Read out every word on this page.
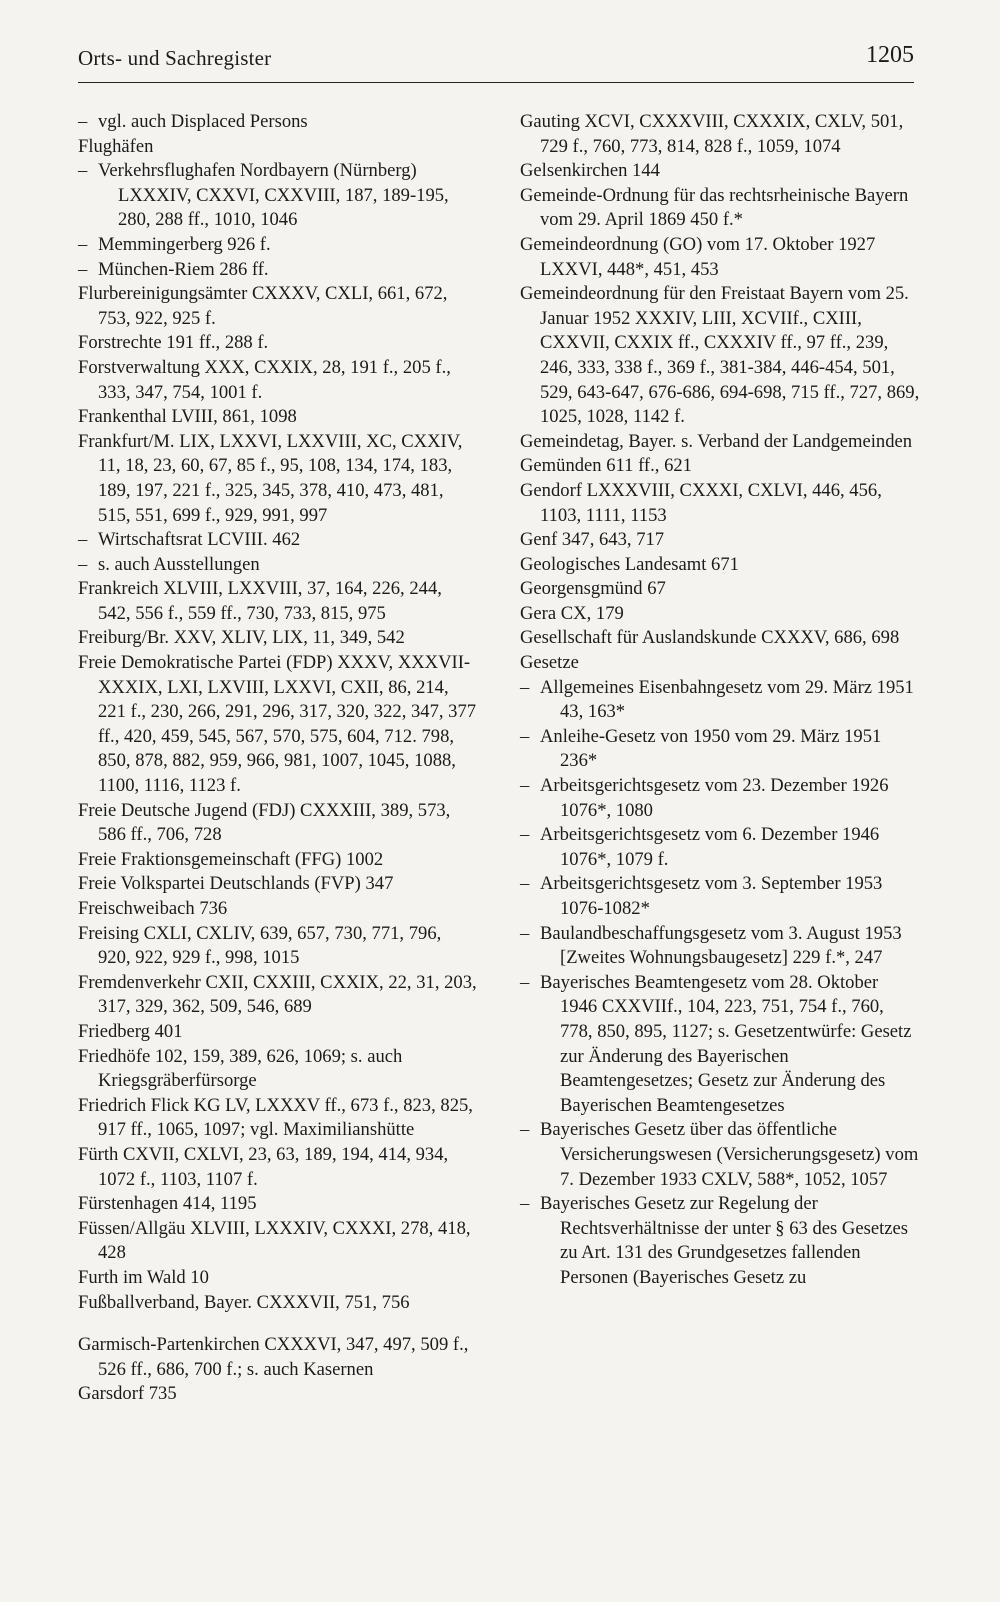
Orts- und Sachregister	1205

– vgl. auch Displaced Persons

Flughäfen

– Verkehrsflughafen Nordbayern (Nürnberg) LXXXIV, CXXVI, CXXVIII, 187, 189-195, 280, 288 ff., 1010, 1046

– Memmingerberg 926 f.

– München-Riem 286 ff.

Flurbereinigungsämter CXXXV, CXLI, 661, 672, 753, 922, 925 f.

Forstrechte 191 ff., 288 f.

Forstverwaltung XXX, CXXIX, 28, 191 f., 205 f., 333, 347, 754, 1001 f.

Frankenthal LVIII, 861, 1098

Frankfurt/M. LIX, LXXVI, LXXVIII, XC, CXXIV, 11, 18, 23, 60, 67, 85 f., 95, 108, 134, 174, 183, 189, 197, 221 f., 325, 345, 378, 410, 473, 481, 515, 551, 699 f., 929, 991, 997

– Wirtschaftsrat LCVIII. 462

– s. auch Ausstellungen

Frankreich XLVIII, LXXVIII, 37, 164, 226, 244, 542, 556 f., 559 ff., 730, 733, 815, 975

Freiburg/Br. XXV, XLIV, LIX, 11, 349, 542

Freie Demokratische Partei (FDP) XXXV, XXXVII-XXXIX, LXI, LXVIII, LXXVI, CXII, 86, 214, 221 f., 230, 266, 291, 296, 317, 320, 322, 347, 377 ff., 420, 459, 545, 567, 570, 575, 604, 712. 798, 850, 878, 882, 959, 966, 981, 1007, 1045, 1088, 1100, 1116, 1123 f.

Freie Deutsche Jugend (FDJ) CXXXIII, 389, 573, 586 ff., 706, 728

Freie Fraktionsgemeinschaft (FFG) 1002

Freie Volkspartei Deutschlands (FVP) 347

Freischweibach 736

Freising CXLI, CXLIV, 639, 657, 730, 771, 796, 920, 922, 929 f., 998, 1015

Fremdenverkehr CXII, CXXIII, CXXIX, 22, 31, 203, 317, 329, 362, 509, 546, 689

Friedberg 401

Friedhöfe 102, 159, 389, 626, 1069; s. auch Kriegsgräberfürsorge

Friedrich Flick KG LV, LXXXV ff., 673 f., 823, 825, 917 ff., 1065, 1097; vgl. Maximilianshütte

Fürth CXVII, CXLVI, 23, 63, 189, 194, 414, 934, 1072 f., 1103, 1107 f.

Fürstenhagen 414, 1195

Füssen/Allgäu XLVIII, LXXXIV, CXXXI, 278, 418, 428

Furth im Wald 10

Fußballverband, Bayer. CXXXVII, 751, 756

Garmisch-Partenkirchen CXXXVI, 347, 497, 509 f., 526 ff., 686, 700 f.; s. auch Kasernen

Garsdorf 735

Gauting XCVI, CXXXVIII, CXXXIX, CXLV, 501, 729 f., 760, 773, 814, 828 f., 1059, 1074

Gelsenkirchen 144

Gemeinde-Ordnung für das rechtsrheinische Bayern vom 29. April 1869 450 f.*

Gemeindeordnung (GO) vom 17. Oktober 1927 LXXVI, 448*, 451, 453

Gemeindeordnung für den Freistaat Bayern vom 25. Januar 1952 XXXIV, LIII, XCVIIf., CXIII, CXXVII, CXXIX ff., CXXXIV ff., 97 ff., 239, 246, 333, 338 f., 369 f., 381-384, 446-454, 501, 529, 643-647, 676-686, 694-698, 715 ff., 727, 869, 1025, 1028, 1142 f.

Gemeindetag, Bayer. s. Verband der Landgemeinden

Gemünden 611 ff., 621

Gendorf LXXXVIII, CXXXI, CXLVI, 446, 456, 1103, 1111, 1153

Genf 347, 643, 717

Geologisches Landesamt 671

Georgensgmünd 67

Gera CX, 179

Gesellschaft für Auslandskunde CXXXV, 686, 698

Gesetze

– Allgemeines Eisenbahngesetz vom 29. März 1951 43, 163*

– Anleihe-Gesetz von 1950 vom 29. März 1951 236*

– Arbeitsgerichtsgesetz vom 23. Dezember 1926 1076*, 1080

– Arbeitsgerichtsgesetz vom 6. Dezember 1946 1076*, 1079 f.

– Arbeitsgerichtsgesetz vom 3. September 1953 1076-1082*

– Baulandbeschaffungsgesetz vom 3. August 1953 [Zweites Wohnungsbaugesetz] 229 f.*, 247

– Bayerisches Beamtengesetz vom 28. Oktober 1946 CXXVIIf., 104, 223, 751, 754 f., 760, 778, 850, 895, 1127; s. Gesetzentwürfe: Gesetz zur Änderung des Bayerischen Beamtengesetzes; Gesetz zur Änderung des Bayerischen Beamtengesetzes

– Bayerisches Gesetz über das öffentliche Versicherungswesen (Versicherungsgesetz) vom 7. Dezember 1933 CXLV, 588*, 1052, 1057

– Bayerisches Gesetz zur Regelung der Rechtsverhältnisse der unter § 63 des Gesetzes zu Art. 131 des Grundgesetzes fallenden Personen (Bayerisches Gesetz zu
